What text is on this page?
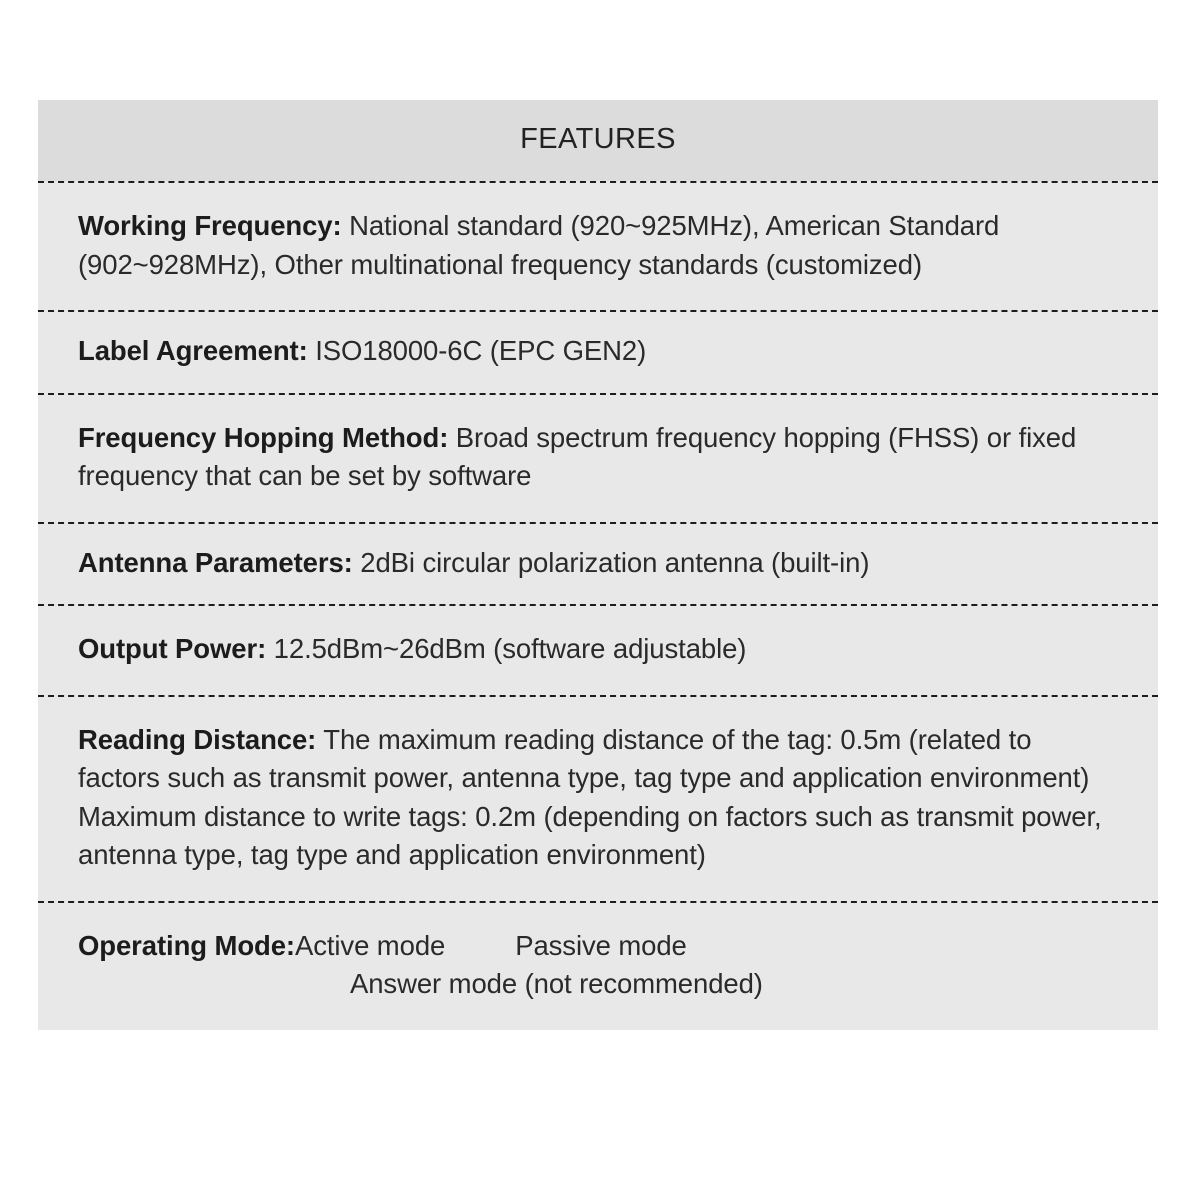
FEATURES
Working Frequency: National standard (920~925MHz), American Standard (902~928MHz), Other multinational frequency standards (customized)
Label Agreement: ISO18000-6C (EPC GEN2)
Frequency Hopping Method: Broad spectrum frequency hopping (FHSS) or fixed frequency that can be set by software
Antenna Parameters: 2dBi circular polarization antenna (built-in)
Output Power: 12.5dBm~26dBm (software adjustable)
Reading Distance: The maximum reading distance of the tag: 0.5m (related to factors such as transmit power, antenna type, tag type and application environment)
Maximum distance to write tags: 0.2m (depending on factors such as transmit power, antenna type, tag type and application environment)
Operating Mode:Active mode	Passive mode
Answer mode (not recommended)
